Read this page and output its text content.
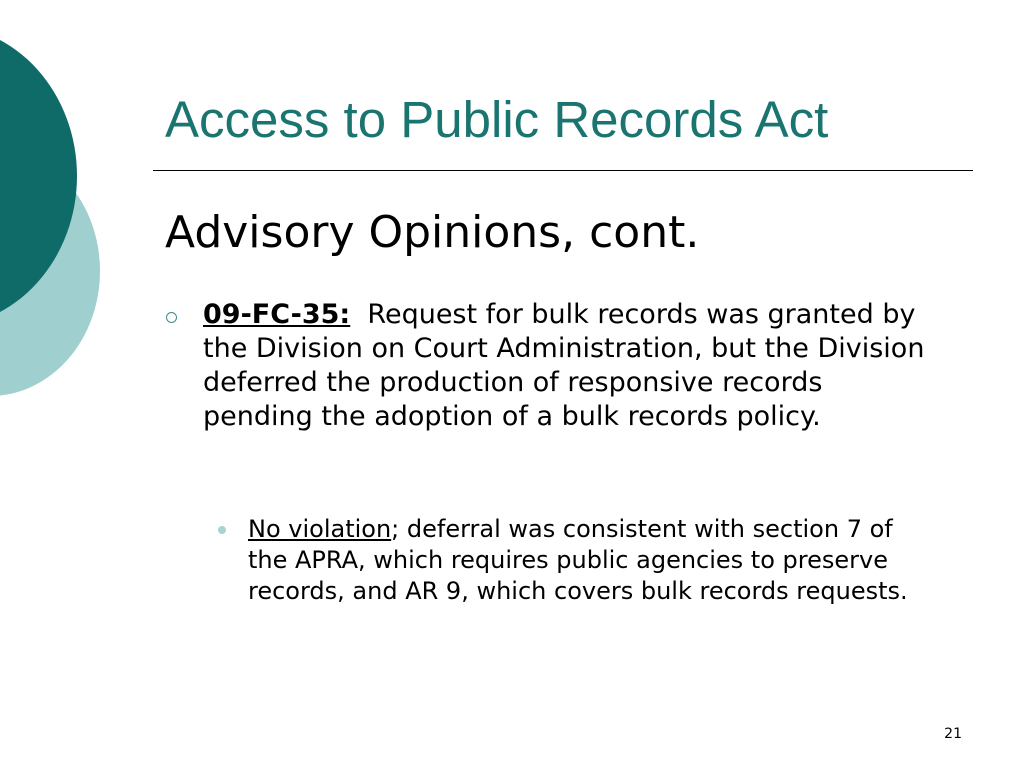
Access to Public Records Act
Advisory Opinions, cont.
09-FC-35: Request for bulk records was granted by the Division on Court Administration, but the Division deferred the production of responsive records pending the adoption of a bulk records policy.
No violation; deferral was consistent with section 7 of the APRA, which requires public agencies to preserve records, and AR 9, which covers bulk records requests.
21
